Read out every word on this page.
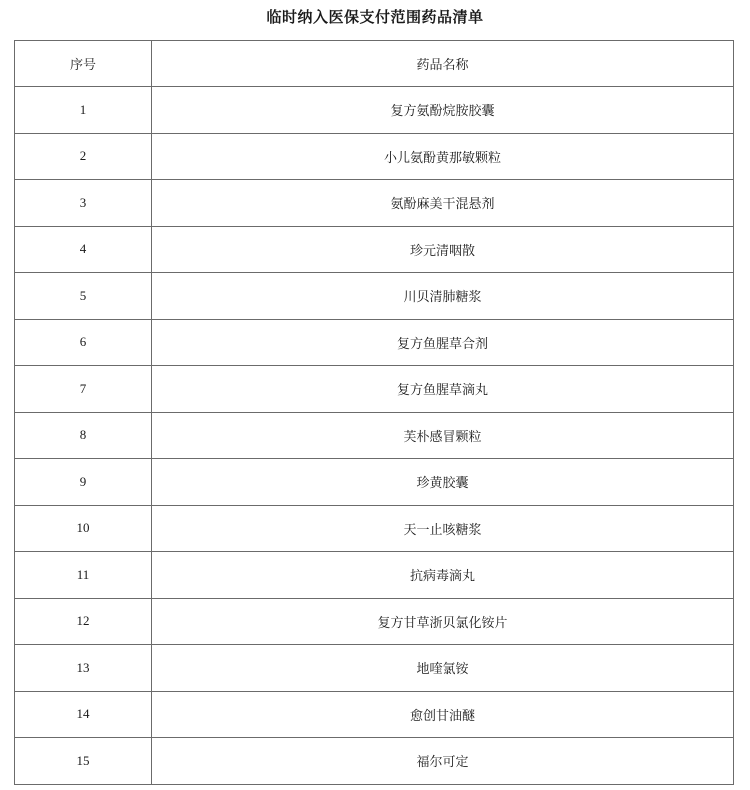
临时纳入医保支付范围药品清单
序号	药品名称
1	复方氨酚烷胺胶囊
2	小儿氨酚黄那敏颗粒
3	氨酚麻美干混悬剂
4	珍元清咽散
5	川贝清肺糖浆
6	复方鱼腥草合剂
7	复方鱼腥草滴丸
8	芙朴感冒颗粒
9	珍黄胶囊
10	天一止咳糖浆
11	抗病毒滴丸
12	复方甘草浙贝氯化铵片
13	地喹氯铵
14	愈创甘油醚
15	福尔可定
